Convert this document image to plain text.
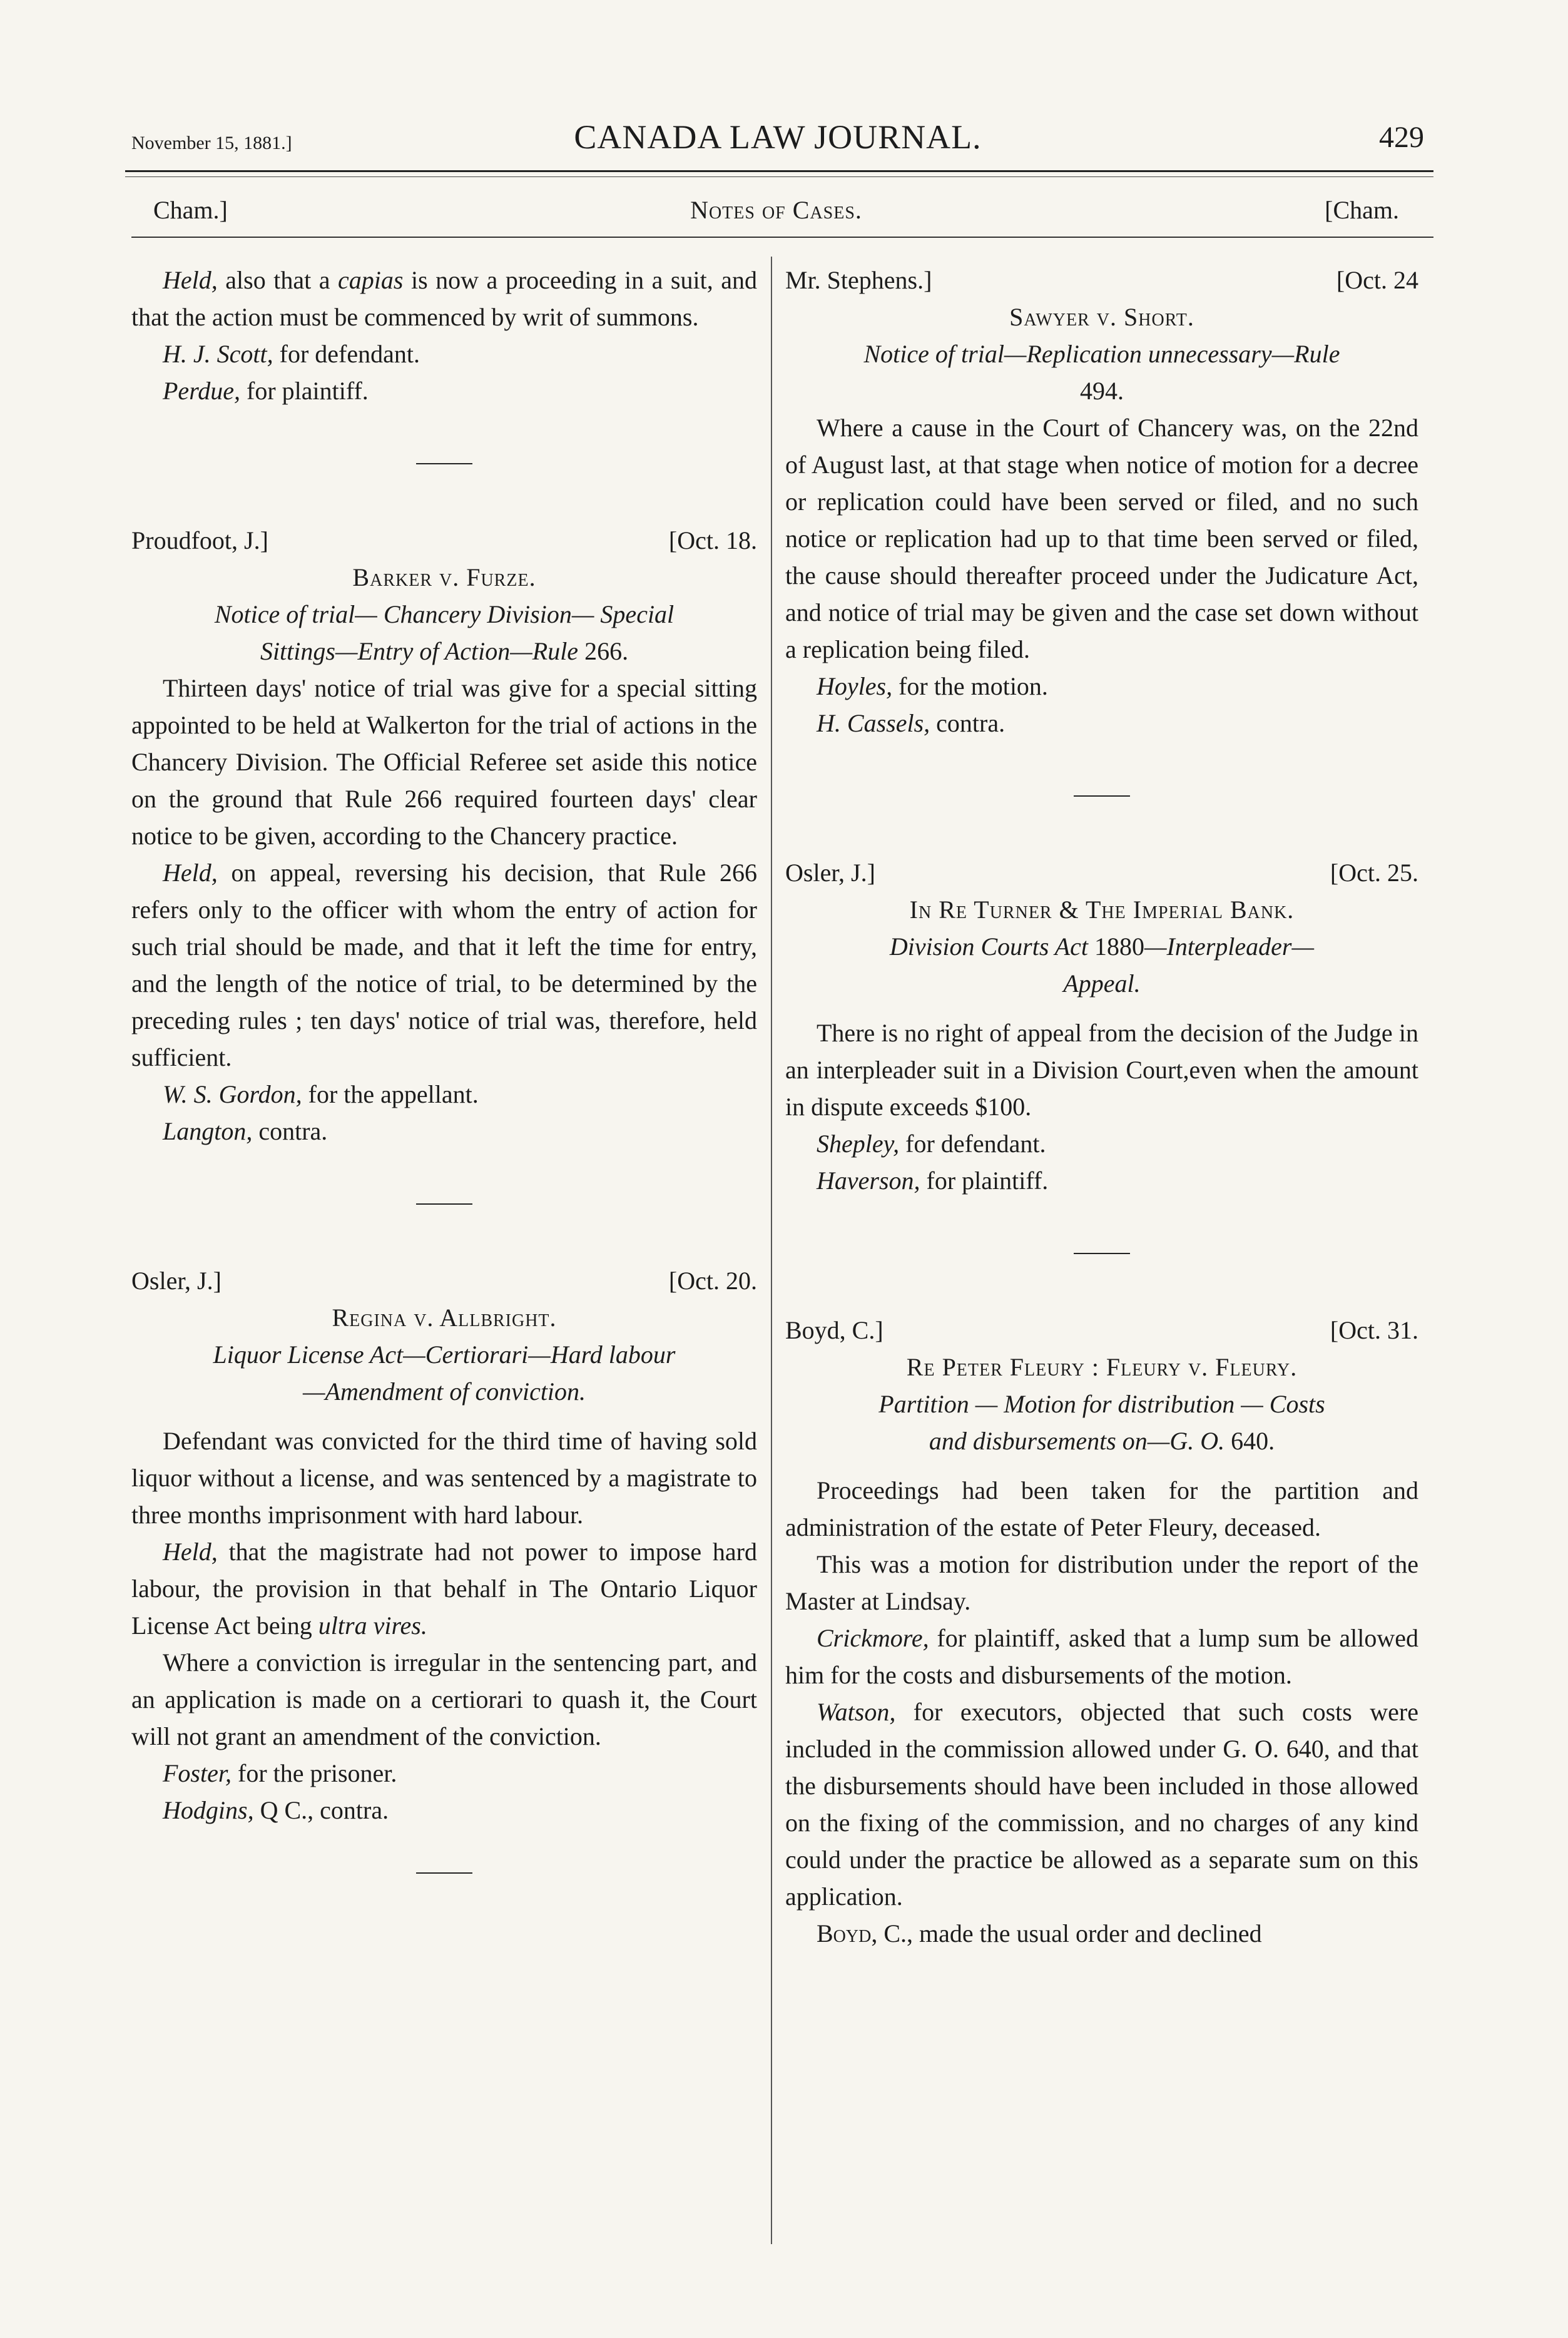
November 15, 1881.]	CANADA LAW JOURNAL.	429
Cham.]	Notes of Cases.	[Cham.

Held, also that a capias is now a proceeding in a suit, and that the action must be commenced by writ of summons.

H. J. Scott, for defendant.

Perdue, for plaintiff.

Proudfoot, J.]	[Oct. 18.

Barker v. Furze.

Notice of trial— Chancery Division— Special
Sittings—Entry of Action—Rule 266.

Thirteen days' notice of trial was give for a special sitting appointed to be held at Walkerton for the trial of actions in the Chancery Division. The Official Referee set aside this notice on the ground that Rule 266 required fourteen days' clear notice to be given, according to the Chancery practice.

Held, on appeal, reversing his decision, that Rule 266 refers only to the officer with whom the entry of action for such trial should be made, and that it left the time for entry, and the length of the notice of trial, to be determined by the preceding rules ; ten days' notice of trial was, therefore, held sufficient.

W. S. Gordon, for the appellant.

Langton, contra.

Osler, J.]	[Oct. 20.

Regina v. Allbright.

Liquor License Act—Certiorari—Hard labour
—Amendment of conviction.

Defendant was convicted for the third time of having sold liquor without a license, and was sentenced by a magistrate to three months imprisonment with hard labour.

Held, that the magistrate had not power to impose hard labour, the provision in that behalf in The Ontario Liquor License Act being ultra vires.

Where a conviction is irregular in the sentencing part, and an application is made on a certiorari to quash it, the Court will not grant an amendment of the conviction.

Foster, for the prisoner.

Hodgins, Q C., contra.

Mr. Stephens.]	[Oct. 24

Sawyer v. Short.

Notice of trial—Replication unnecessary—Rule
494.

Where a cause in the Court of Chancery was, on the 22nd of August last, at that stage when notice of motion for a decree or replication could have been served or filed, and no such notice or replication had up to that time been served or filed, the cause should thereafter proceed under the Judicature Act, and notice of trial may be given and the case set down without a replication being filed.

Hoyles, for the motion.

H. Cassels, contra.

Osler, J.]	[Oct. 25.

In Re Turner & The Imperial Bank.

Division Courts Act 1880—Interpleader—
Appeal.

There is no right of appeal from the decision of the Judge in an interpleader suit in a Division Court,even when the amount in dispute exceeds $100.

Shepley, for defendant.

Haverson, for plaintiff.

Boyd, C.]	[Oct. 31.

Re Peter Fleury : Fleury v. Fleury.

Partition — Motion for distribution — Costs
and disbursements on—G. O. 640.

Proceedings had been taken for the partition and administration of the estate of Peter Fleury, deceased.

This was a motion for distribution under the report of the Master at Lindsay.

Crickmore, for plaintiff, asked that a lump sum be allowed him for the costs and disbursements of the motion.

Watson, for executors, objected that such costs were included in the commission allowed under G. O. 640, and that the disbursements should have been included in those allowed on the fixing of the commission, and no charges of any kind could under the practice be allowed as a separate sum on this application.

Boyd, C., made the usual order and declined
